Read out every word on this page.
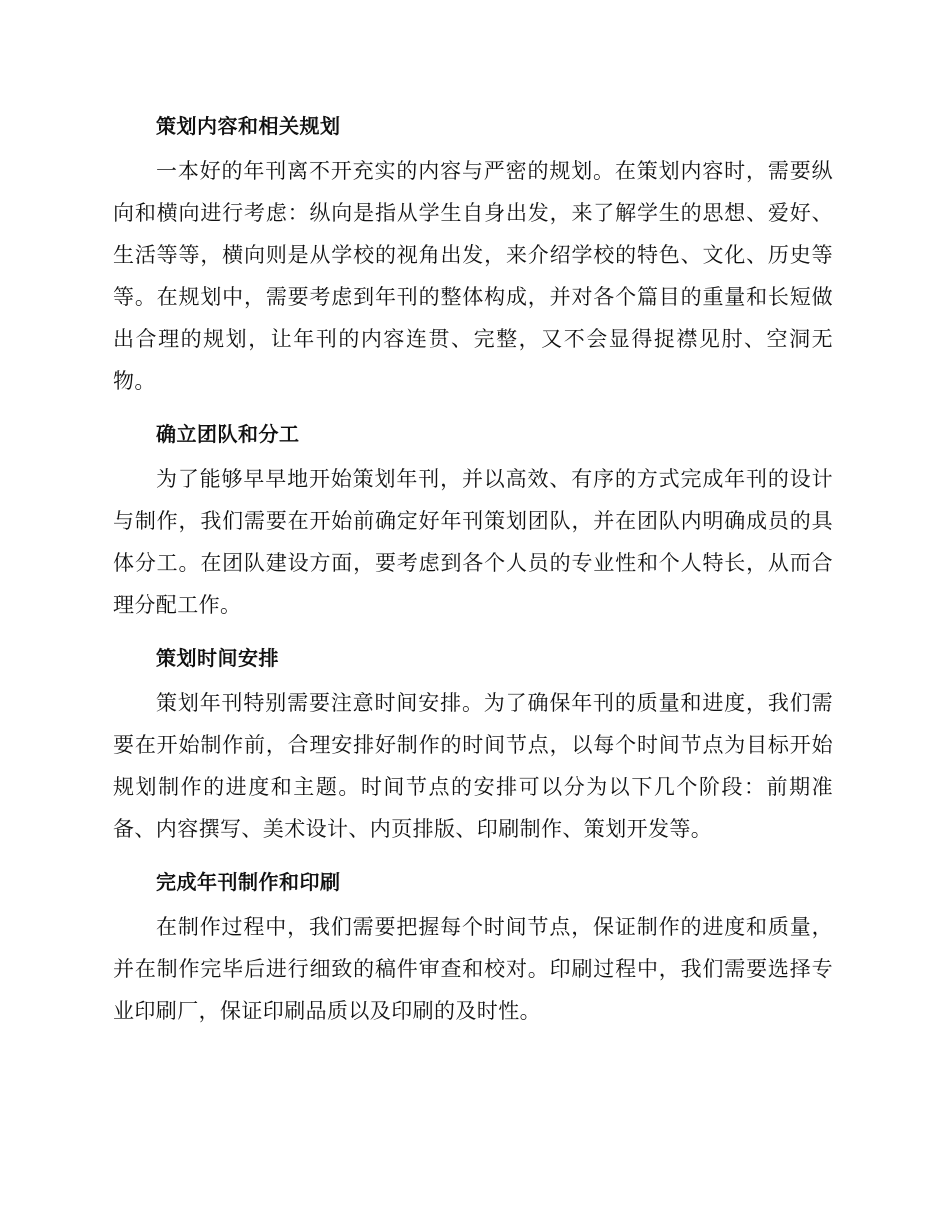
策划内容和相关规划

一本好的年刊离不开充实的内容与严密的规划。在策划内容时，需要纵向和横向进行考虑：纵向是指从学生自身出发，来了解学生的思想、爱好、生活等等，横向则是从学校的视角出发，来介绍学校的特色、文化、历史等等。在规划中，需要考虑到年刊的整体构成，并对各个篇目的重量和长短做出合理的规划，让年刊的内容连贯、完整，又不会显得捉襟见肘、空洞无物。

确立团队和分工

为了能够早早地开始策划年刊，并以高效、有序的方式完成年刊的设计与制作，我们需要在开始前确定好年刊策划团队，并在团队内明确成员的具体分工。在团队建设方面，要考虑到各个人员的专业性和个人特长，从而合理分配工作。

策划时间安排

策划年刊特别需要注意时间安排。为了确保年刊的质量和进度，我们需要在开始制作前，合理安排好制作的时间节点，以每个时间节点为目标开始规划制作的进度和主题。时间节点的安排可以分为以下几个阶段：前期准备、内容撰写、美术设计、内页排版、印刷制作、策划开发等。

完成年刊制作和印刷

在制作过程中，我们需要把握每个时间节点，保证制作的进度和质量，并在制作完毕后进行细致的稿件审查和校对。印刷过程中，我们需要选择专业印刷厂，保证印刷品质以及印刷的及时性。
